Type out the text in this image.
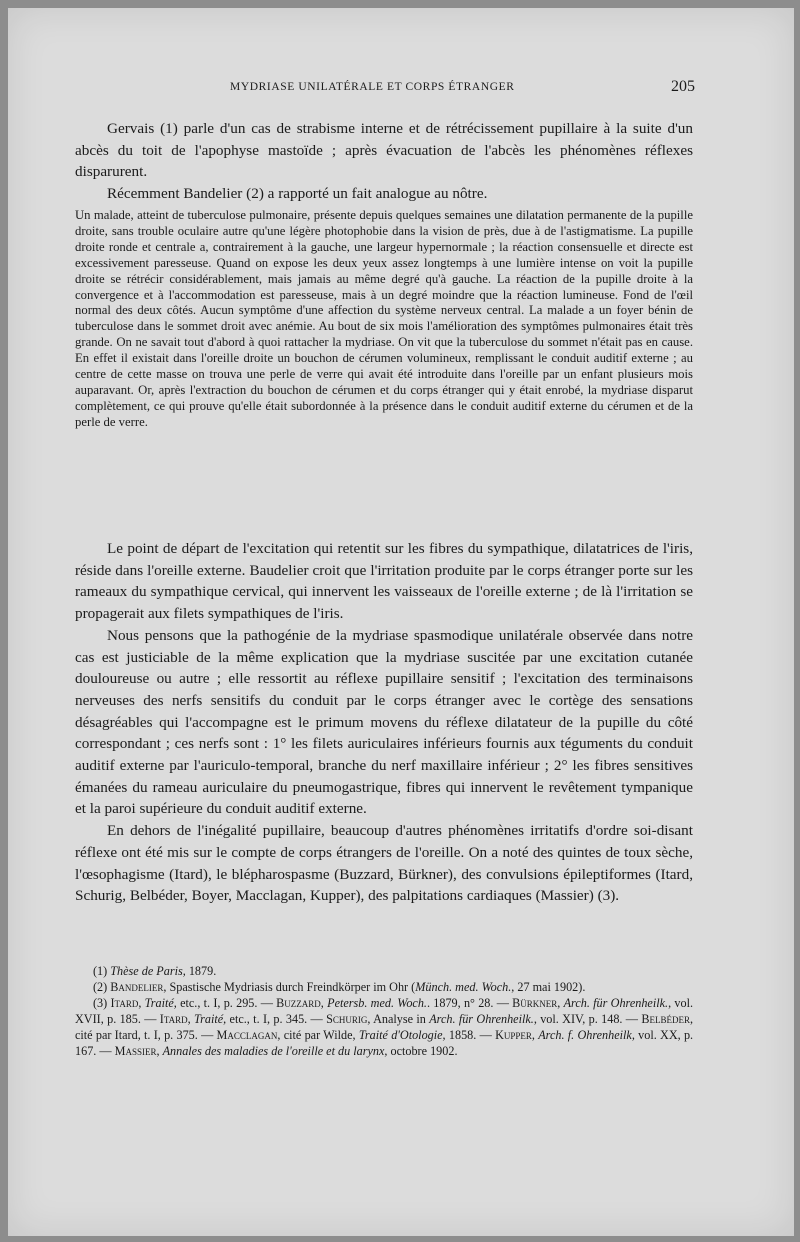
MYDRIASE UNILATÉRALE ET CORPS ÉTRANGER	205

Gervais (1) parle d'un cas de strabisme interne et de rétrécissement pupillaire à la suite d'un abcès du toit de l'apophyse mastoïde ; après évacuation de l'abcès les phénomènes réflexes disparurent.

Récemment Bandelier (2) a rapporté un fait analogue au nôtre.

Un malade, atteint de tuberculose pulmonaire, présente depuis quelques semaines une dilatation permanente de la pupille droite, sans trouble oculaire autre qu'une légère photophobie dans la vision de près, due à de l'astigmatisme. La pupille droite ronde et centrale a, contrairement à la gauche, une largeur hypernormale ; la réaction consensuelle et directe est excessivement paresseuse. Quand on expose les deux yeux assez longtemps à une lumière intense on voit la pupille droite se rétrécir considérablement, mais jamais au même degré qu'à gauche. La réaction de la pupille droite à la convergence et à l'accommodation est paresseuse, mais à un degré moindre que la réaction lumineuse. Fond de l'œil normal des deux côtés. Aucun symptôme d'une affection du système nerveux central. La malade a un foyer bénin de tuberculose dans le sommet droit avec anémie. Au bout de six mois l'amélioration des symptômes pulmonaires était très grande. On ne savait tout d'abord à quoi rattacher la mydriase. On vit que la tuberculose du sommet n'était pas en cause. En effet il existait dans l'oreille droite un bouchon de cérumen volumineux, remplissant le conduit auditif externe ; au centre de cette masse on trouva une perle de verre qui avait été introduite dans l'oreille par un enfant plusieurs mois auparavant. Or, après l'extraction du bouchon de cérumen et du corps étranger qui y était enrobé, la mydriase disparut complètement, ce qui prouve qu'elle était subordonnée à la présence dans le conduit auditif externe du cérumen et de la perle de verre.

Le point de départ de l'excitation qui retentit sur les fibres du sympathique, dilatatrices de l'iris, réside dans l'oreille externe. Baudelier croit que l'irritation produite par le corps étranger porte sur les rameaux du sympathique cervical, qui innervent les vaisseaux de l'oreille externe ; de là l'irritation se propagerait aux filets sympathiques de l'iris.

Nous pensons que la pathogénie de la mydriase spasmodique unilatérale observée dans notre cas est justiciable de la même explication que la mydriase suscitée par une excitation cutanée douloureuse ou autre ; elle ressortit au réflexe pupillaire sensitif ; l'excitation des terminaisons nerveuses des nerfs sensitifs du conduit par le corps étranger avec le cortège des sensations désagréables qui l'accompagne est le primum movens du réflexe dilatateur de la pupille du côté correspondant ; ces nerfs sont : 1° les filets auriculaires inférieurs fournis aux téguments du conduit auditif externe par l'auriculo-temporal, branche du nerf maxillaire inférieur ; 2° les fibres sensitives émanées du rameau auriculaire du pneumogastrique, fibres qui innervent le revêtement tympanique et la paroi supérieure du conduit auditif externe.

En dehors de l'inégalité pupillaire, beaucoup d'autres phénomènes irritatifs d'ordre soi-disant réflexe ont été mis sur le compte de corps étrangers de l'oreille. On a noté des quintes de toux sèche, l'œsophagisme (Itard), le blépharospasme (Buzzard, Bürkner), des convulsions épileptiformes (Itard, Schurig, Belbéder, Boyer, Macclagan, Kupper), des palpitations cardiaques (Massier) (3).

(1) Thèse de Paris, 1879.

(2) Bandelier, Spastische Mydriasis durch Freindkörper im Ohr (Münch. med. Woch., 27 mai 1902).

(3) Itard, Traité, etc., t. I, p. 295. — Buzzard, Petersb. med. Woch.. 1879, n° 28. — Bürkner, Arch. für Ohrenheilk., vol. XVII, p. 185. — Itard, Traité, etc., t. I, p. 345. — Schurig, Analyse in Arch. für Ohrenheilk., vol. XIV, p. 148. — Belbéder, cité par Itard, t. I, p. 375. — Macclagan, cité par Wilde, Traité d'Otologie, 1858. — Kupper, Arch. f. Ohrenheilk, vol. XX, p. 167. — Massier, Annales des maladies de l'oreille et du larynx, octobre 1902.
